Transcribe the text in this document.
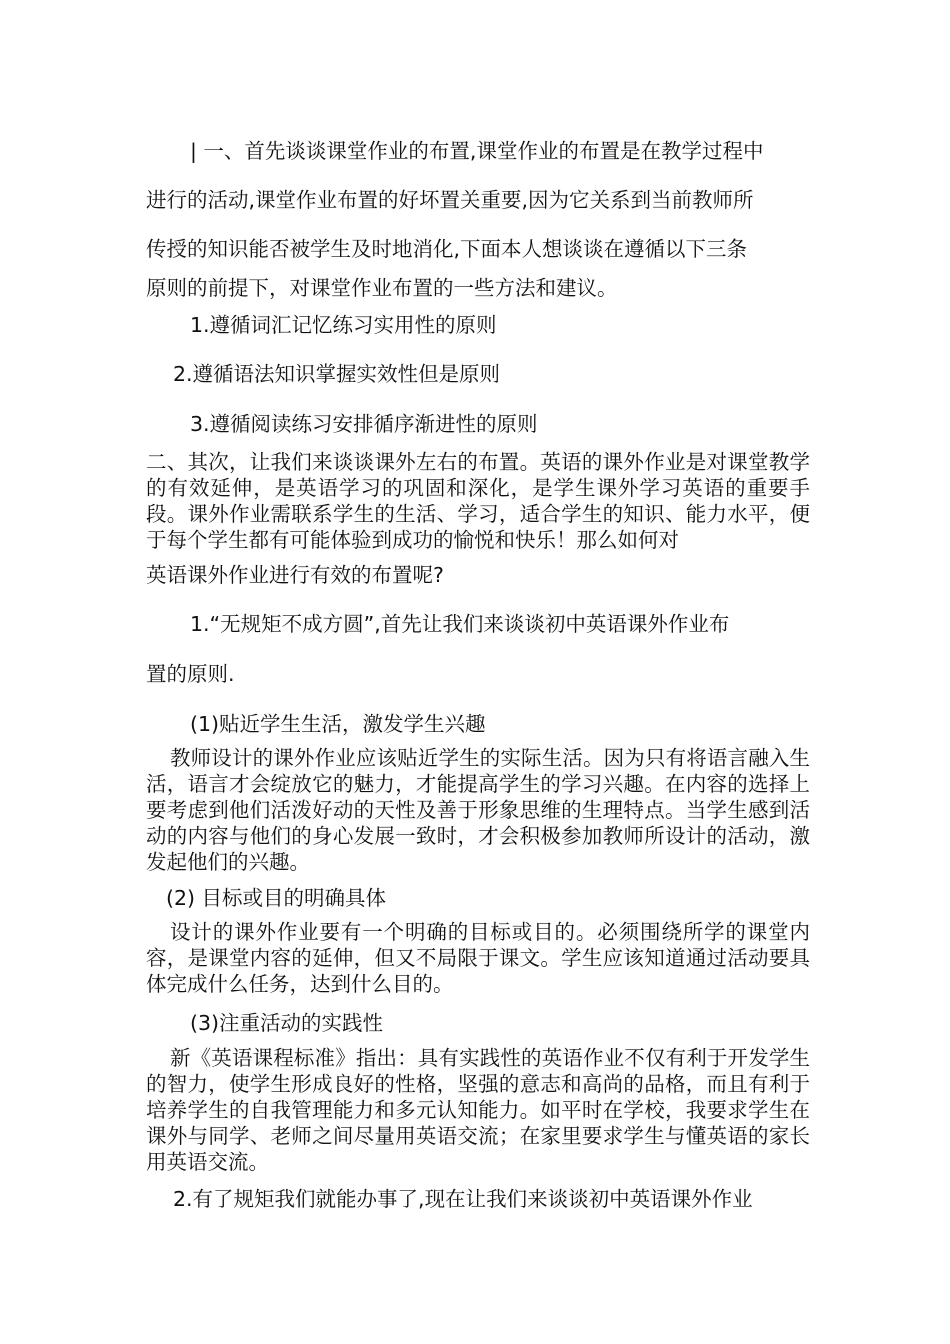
| 一、首先谈谈课堂作业的布置,课堂作业的布置是在教学过程中

进行的活动,课堂作业布置的好坏置关重要,因为它关系到当前教师所

传授的知识能否被学生及时地消化,下面本人想谈谈在遵循以下三条

原则的前提下，对课堂作业布置的一些方法和建议。

1.遵循词汇记忆练习实用性的原则

2.遵循语法知识掌握实效性但是原则

3.遵循阅读练习安排循序渐进性的原则

二、其次，让我们来谈谈课外左右的布置。英语的课外作业是对课堂教学的有效延伸，是英语学习的巩固和深化，是学生课外学习英语的重要手段。课外作业需联系学生的生活、学习，适合学生的知识、能力水平，便于每个学生都有可能体验到成功的愉悦和快乐！那么如何对

英语课外作业进行有效的布置呢?

1.“无规矩不成方圆”,首先让我们来谈谈初中英语课外作业布

置的原则.

(1)贴近学生生活，激发学生兴趣

教师设计的课外作业应该贴近学生的实际生活。因为只有将语言融入生活，语言才会绽放它的魅力，才能提高学生的学习兴趣。在内容的选择上要考虑到他们活泼好动的天性及善于形象思维的生理特点。当学生感到活动的内容与他们的身心发展一致时，才会积极参加教师所设计的活动，激发起他们的兴趣。

(2) 目标或目的明确具体

设计的课外作业要有一个明确的目标或目的。必须围绕所学的课堂内容，是课堂内容的延伸，但又不局限于课文。学生应该知道通过活动要具体完成什么任务，达到什么目的。

(3)注重活动的实践性

新《英语课程标准》指出：具有实践性的英语作业不仅有利于开发学生的智力，使学生形成良好的性格，坚强的意志和高尚的品格，而且有利于培养学生的自我管理能力和多元认知能力。如平时在学校，我要求学生在课外与同学、老师之间尽量用英语交流；在家里要求学生与懂英语的家长用英语交流。

2.有了规矩我们就能办事了,现在让我们来谈谈初中英语课外作业
